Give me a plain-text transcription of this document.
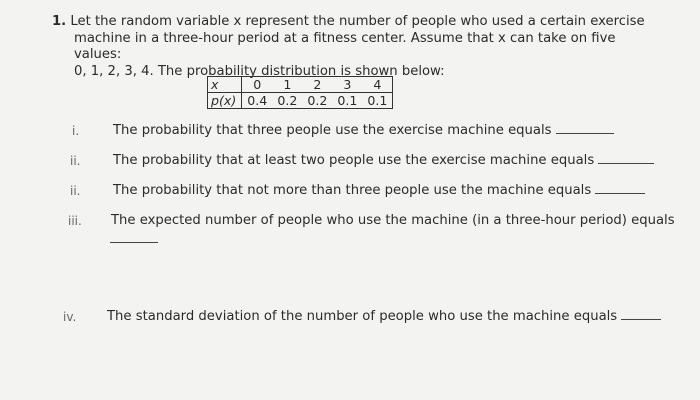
1. Let the random variable x represent the number of people who used a certain exercise
machine in a three-hour period at a fitness center. Assume that x can take on five values:
0, 1, 2, 3, 4. The probability distribution is shown below:
x	0	1	2	3	4
p(x)	0.4	0.2	0.2	0.1	0.1
i.	The probability that three people use the exercise machine equals
ii. The probability that at least two people use the exercise machine equals
ii. The probability that not more than three people use the machine equals
iii. The expected number of people who use the machine (in a three-hour period) equals
iv. The standard deviation of the number of people who use the machine equals
